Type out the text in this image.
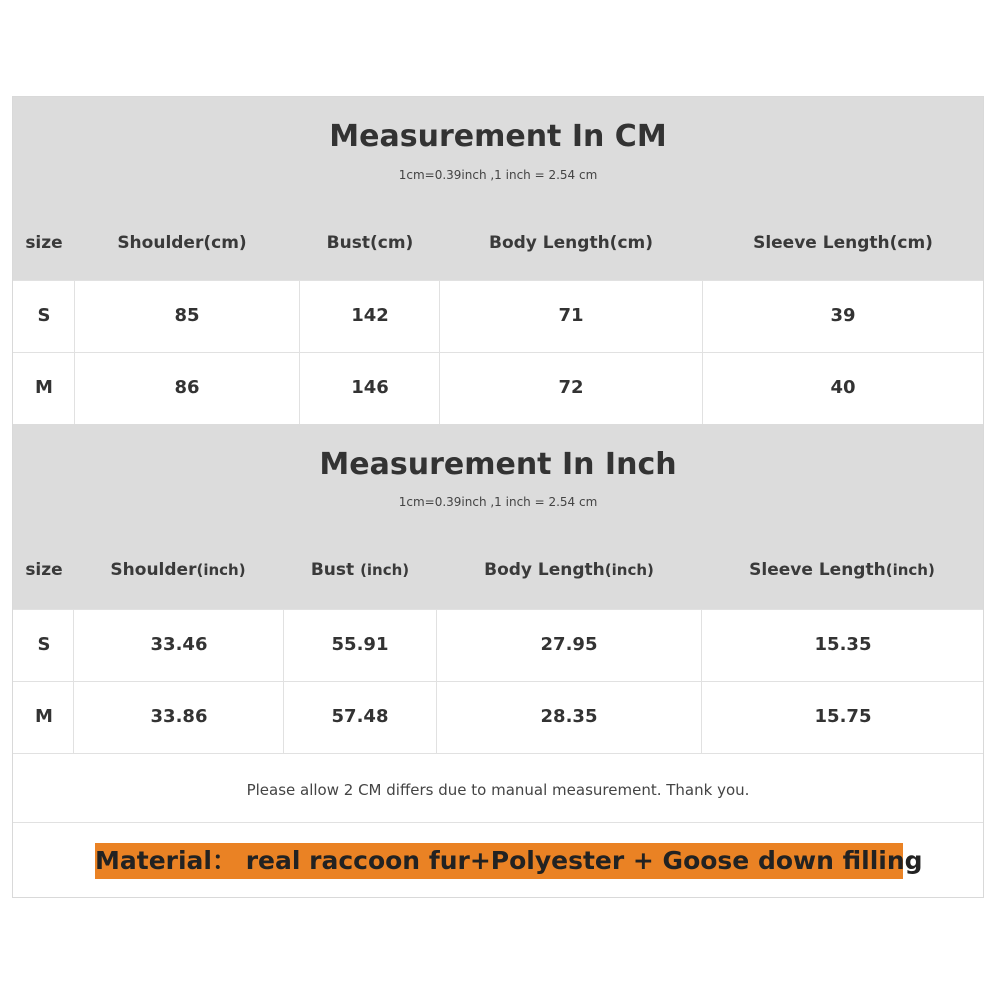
Measurement In CM
1cm=0.39inch ,1 inch = 2.54 cm
size	Shoulder(cm)	Bust(cm)	Body Length(cm)	Sleeve Length(cm)
S	85	142	71	39
M	86	146	72	40
Measurement In Inch
1cm=0.39inch ,1 inch = 2.54 cm
size	Shoulder(inch)	Bust (inch)	Body Length(inch)	Sleeve Length(inch)
S	33.46	55.91	27.95	15.35
M	33.86	57.48	28.35	15.75
Please allow 2 CM differs due to manual measurement. Thank you.
Material： real raccoon fur+Polyester + Goose down filling
